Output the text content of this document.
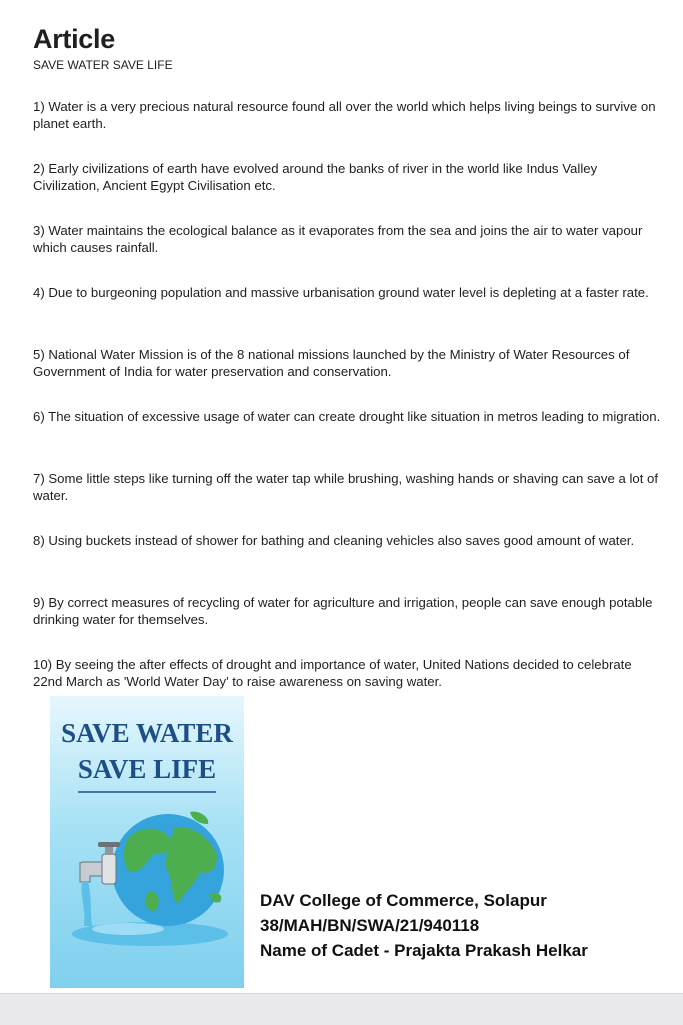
Article
SAVE WATER SAVE LIFE
1) Water is a very precious natural resource found all over the world which helps living beings to survive on planet earth.
2) Early civilizations of earth have evolved around the banks of river in the world like Indus Valley Civilization, Ancient Egypt Civilisation etc.
3) Water maintains the ecological balance as it evaporates from the sea and joins the air to water vapour which causes rainfall.
4) Due to burgeoning population and massive urbanisation ground water level is depleting at a faster rate.
5) National Water Mission is of the 8 national missions launched by the Ministry of Water Resources of Government of India for water preservation and conservation.
6) The situation of excessive usage of water can create drought like situation in metros leading to migration.
7) Some little steps like turning off the water tap while brushing, washing hands or shaving can save a lot of water.
8) Using buckets instead of shower for bathing and cleaning vehicles also saves good amount of water.
9) By correct measures of recycling of water for agriculture and irrigation, people can save enough potable drinking water for themselves.
10) By seeing the after effects of drought and importance of water, United Nations decided to celebrate 22nd March as 'World Water Day' to raise awareness on saving water.
SAVE WATER
SAVE LIFE
DAV College of Commerce, Solapur
38/MAH/BN/SWA/21/940118
Name of Cadet - Prajakta Prakash Helkar
